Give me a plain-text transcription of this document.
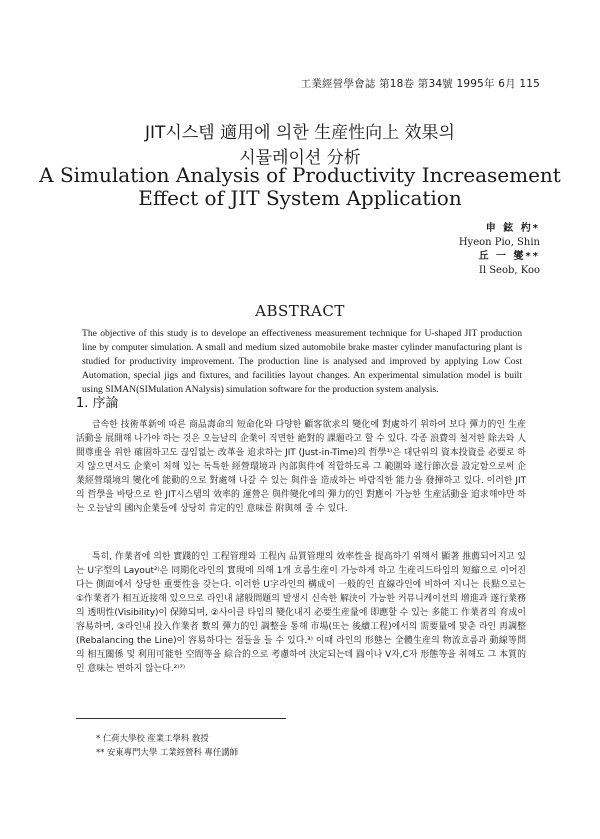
工業經營學會誌 第18卷 第34號 1995年 6月 115
JIT시스템 適用에 의한 生産性向上 效果의
시뮬레이션 分析
A Simulation Analysis of Productivity Increasement
Effect of JIT System Application
申 鉉 杓*
Hyeon Pio, Shin
丘 一 燮**
Il Seob, Koo
ABSTRACT
The objective of this study is to develope an effectiveness measurement technique for U-shaped JIT production line by computer simulation. A small and medium sized automobile brake master cylinder manufacturing plant is studied for productivity improvement. The production line is analysed and improved by applying Low Cost Automation, special jigs and fixtures, and facilities layout changes. An experimental simulation model is built using SIMAN(SIMulation ANalysis) simulation software for the production system analysis.
1. 序論
급속한 技術革新에 따른 商品壽命의 短命化와 다양한 顧客欲求의 變化에 對處하기 위하여 보다 彈力的인 生産活動을 展開해 나가야 하는 것은 오늘날의 企業이 직면한 絶對的 課題라고 할 수 있다. 각종 浪費의 철저한 除去와 人間尊重을 위한 確固하고도 끊임없는 改革을 追求하는 JIT (Just-in-Time)의 哲學¹⁾은 대단위의 資本投資를 必要로 하지 않으면서도 企業이 처해 있는 독특한 經營環境과 內部與件에 적합하도록 그 範圍와 遂行節次를 設定함으로써 企業經營環境의 變化에 能動的으로 對處해 나갈 수 있는 與件을 造成하는 바람직한 能力을 發揮하고 있다. 이러한 JIT의 哲學을 바탕으로 한 JIT시스템의 效率的 運營은 與件變化에의 彈力的인 對應이 가능한 生産活動을 追求해야만 하는 오늘날의 國內企業들에 상당히 肯定的인 意味를 附與해 줄 수 있다.
특히, 作業者에 의한 實踐的인 工程管理와 工程內 品質管理의 效率性을 提高하기 위해서 顯著 推薦되어지고 있는 U字型의 Layout²⁾은 同期化라인의 實現에 의해 1개 흐름生産이 가능하게 하고 生産리드타임의 短縮으로 이어진다는 側面에서 상당한 重要性을 갖는다. 이러한 U字라인의 構成이 一般的인 直線라인에 비하여 지니는 長點으로는 ①作業者가 相互近接해 있으므로 라인내 諸般問題의 발생시 신속한 解決이 가능한 커뮤니케이션의 增進과 遂行業務의 透明性(Visibility)이 保障되며, ②사이클 타임의 變化내지 必要生産量에 即應할 수 있는 多能工 作業者의 育成이 容易하며, ③라인내 投入作業者 數의 彈力的인 調整을 통해 市場(또는 後續工程)에서의 需要量에 맞춘 라인 再調整(Rebalancing the Line)이 容易하다는 점들을 들 수 있다.³⁾ 이때 라인의 形態는 全體生産의 物流흐름과 動線等問의 相互關係 및 利用可能한 空間等을 綜合的으로 考慮하여 決定되는데 圓이나 V자,C자 形態等을 취해도 그 本質的인 意味는 변하지 않는다.²⁾⁷⁾
* 仁荷大學校 産業工學科 敎授
** 安東專門大學 工業經營科 專任講師
